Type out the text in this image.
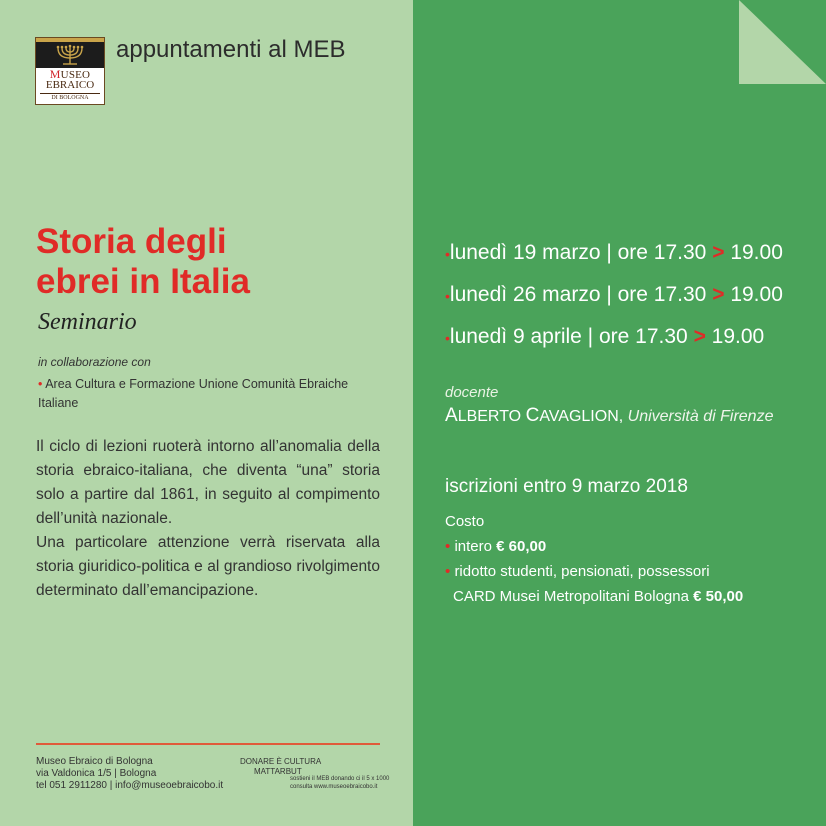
MUSEO
EBRAICO
DI BOLOGNA
appuntamenti al MEB
Storia degli
ebrei in Italia
Seminario
in collaborazione con
• Area Cultura e Formazione Unione Comunità Ebraiche Italiane

Il ciclo di lezioni ruoterà intorno all’anomalia della storia ebraico-italiana, che diventa “una” storia solo a partire dal 1861, in seguito al compimento dell’unità nazionale.

Una particolare attenzione verrà riservata alla storia giuridico-politica e al grandioso rivolgimento determinato dall’emancipazione.

Museo Ebraico di Bologna
via Valdonica 1/5 | Bologna
tel 051 2911280 | info@museoebraicobo.it
DONARE È CULTURA
MATTARBUT
sostieni il MEB donando ci il 5 x 1000
consulta www.museoebraicobo.it
•lunedì 19 marzo | ore 17.30 > 19.00
•lunedì 26 marzo | ore 17.30 > 19.00
•lunedì 9 aprile | ore 17.30 > 19.00
docente
ALBERTO CAVAGLION, Università di Firenze
iscrizioni entro 9 marzo 2018
Costo
• intero € 60,00
• ridotto studenti, pensionati, possessori
CARD Musei Metropolitani Bologna € 50,00
